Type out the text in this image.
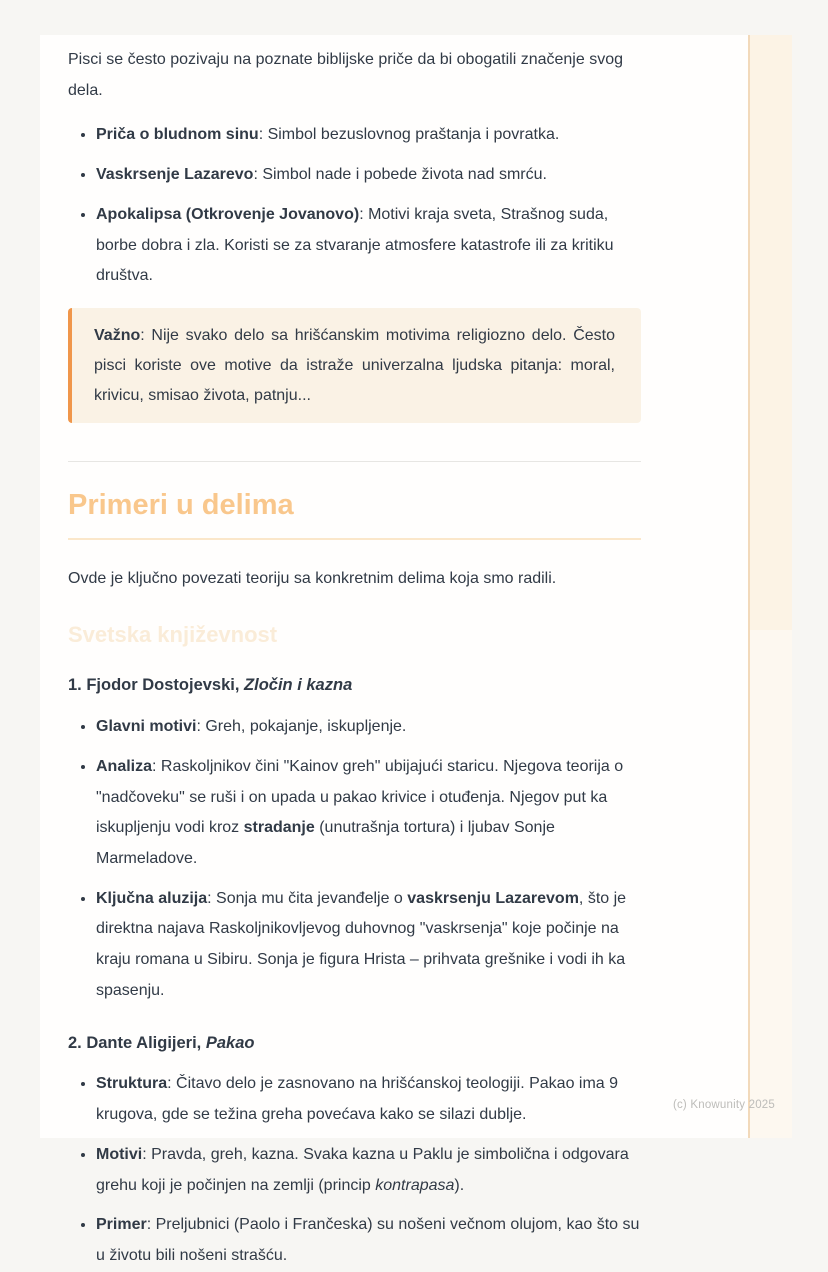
Pisci se često pozivaju na poznate biblijske priče da bi obogatili značenje svog dela.

• Priča o bludnom sinu: Simbol bezuslovnog praštanja i povratka.
• Vaskrsenje Lazarevo: Simbol nade i pobede života nad smrću.
• Apokalipsa (Otkrovenje Jovanovo): Motivi kraja sveta, Strašnog suda, borbe dobra i zla. Koristi se za stvaranje atmosfere katastrofe ili za kritiku društva.
Važno: Nije svako delo sa hrišćanskim motivima religiozno delo. Često pisci koriste ove motive da istraže univerzalna ljudska pitanja: moral, krivicu, smisao života, patnju...
Primeri u delima

Ovde je ključno povezati teoriju sa konkretnim delima koja smo radili.

Svetska književnost
1. Fjodor Dostojevski, Zločin i kazna
• Glavni motivi: Greh, pokajanje, iskupljenje.
• Analiza: Raskoljnikov čini "Kainov greh" ubijajući staricu. Njegova teorija o "nadčoveku" se ruši i on upada u pakao krivice i otuđenja. Njegov put ka iskupljenju vodi kroz stradanje (unutrašnja tortura) i ljubav Sonje Marmeladove.
• Ključna aluzija: Sonja mu čita jevanđelje o vaskrsenju Lazarevom, što je direktna najava Raskoljnikovljevog duhovnog "vaskrsenja" koje počinje na kraju romana u Sibiru. Sonja je figura Hrista – prihvata grešnike i vodi ih ka spasenju.
2. Dante Aligijeri, Pakao
• Struktura: Čitavo delo je zasnovano na hrišćanskoj teologiji. Pakao ima 9 krugova, gde se težina greha povećava kako se silazi dublje.
• Motivi: Pravda, greh, kazna. Svaka kazna u Paklu je simbolična i odgovara grehu koji je počinjen na zemlji (princip kontrapasa).
• Primer: Preljubnici (Paolo i Frančeska) su nošeni večnom olujom, kao što su u životu bili nošeni strašću.
(c) Knowunity 2025
